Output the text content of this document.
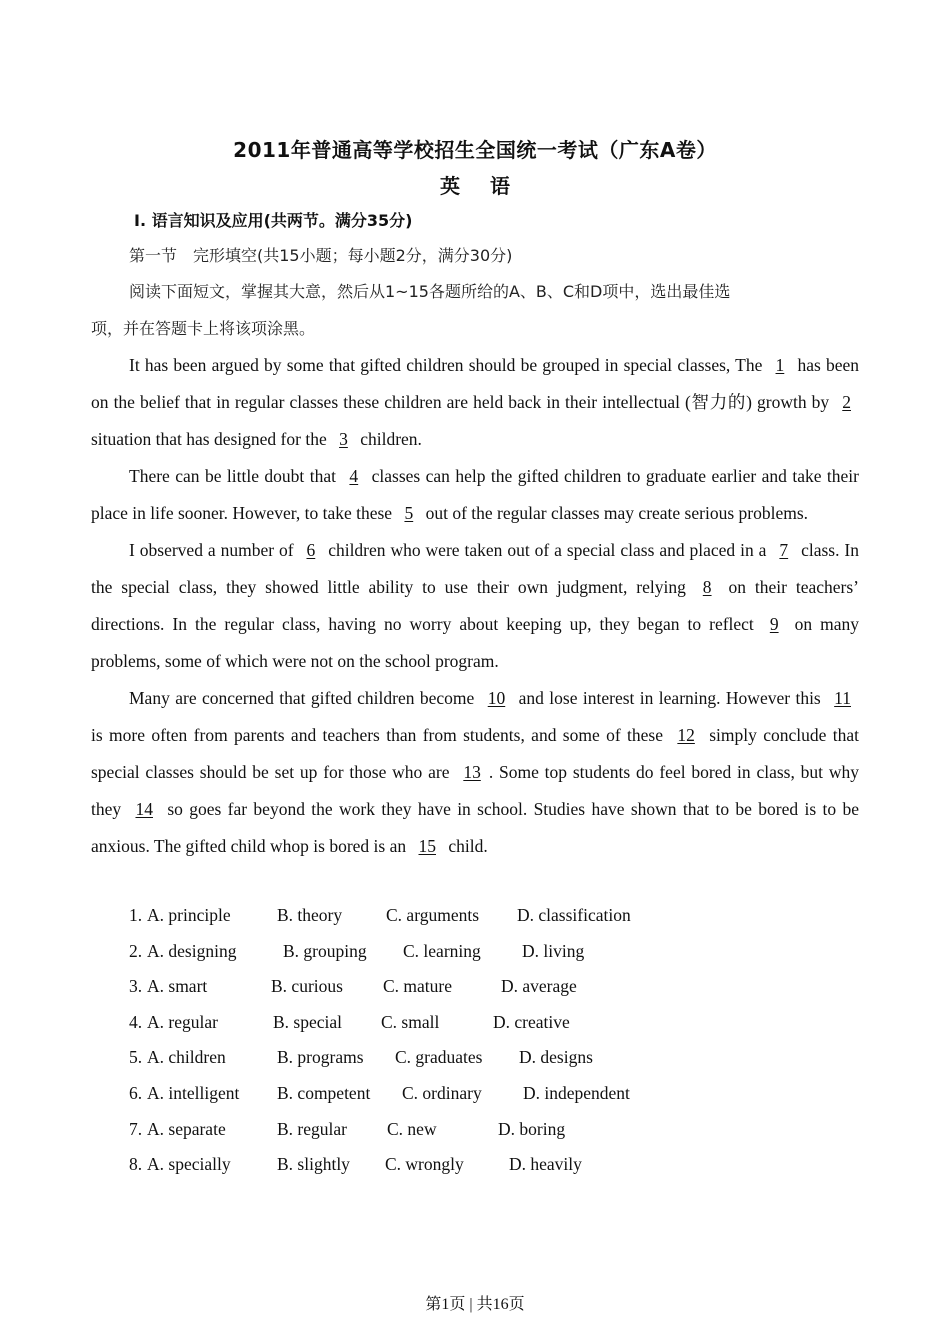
2011年普通高等学校招生全国统一考试（广东A卷）
英语
Ⅰ. 语言知识及应用(共两节。满分35分)
第一节　完形填空(共15小题；每小题2分，满分30分)
阅读下面短文，掌握其大意，然后从1~15各题所给的A、B、C和D项中，选出最佳选
项，并在答题卡上将该项涂黑。

It has been argued by some that gifted children should be grouped in special classes, The 1 has been on the belief that in regular classes these children are held back in their intellectual (智力的) growth by 2 situation that has designed for the 3 children.

There can be little doubt that 4 classes can help the gifted children to graduate earlier and take their place in life sooner. However, to take these 5 out of the regular classes may create serious problems.

I observed a number of 6 children who were taken out of a special class and placed in a 7 class. In the special class, they showed little ability to use their own judgment, relying 8 on their teachers’ directions. In the regular class, having no worry about keeping up, they began to reflect 9 on many problems, some of which were not on the school program.

Many are concerned that gifted children become 10 and lose interest in learning. However this 11 is more often from parents and teachers than from students, and some of these 12 simply conclude that special classes should be set up for those who are 13 . Some top students do feel bored in class, but why they 14 so goes far beyond the work they have in school. Studies have shown that to be bored is to be anxious. The gifted child whop is bored is an 15 child.

1. A. principle	B. theory	C. arguments D. classification
2. A. designing	B. grouping C. learning D. living
3. A. smart	B. curious C. mature	D. average
4. A. regular	B. special C. small	D. creative
5. A. children	B. programs C. graduates D. designs
6. A. intelligent B. competent C. ordinary D. independent
7. A. separate	B. regular C. new	D. boring
8. A. specially	B. slightly C. wrongly	D. heavily
第1页 | 共16页
